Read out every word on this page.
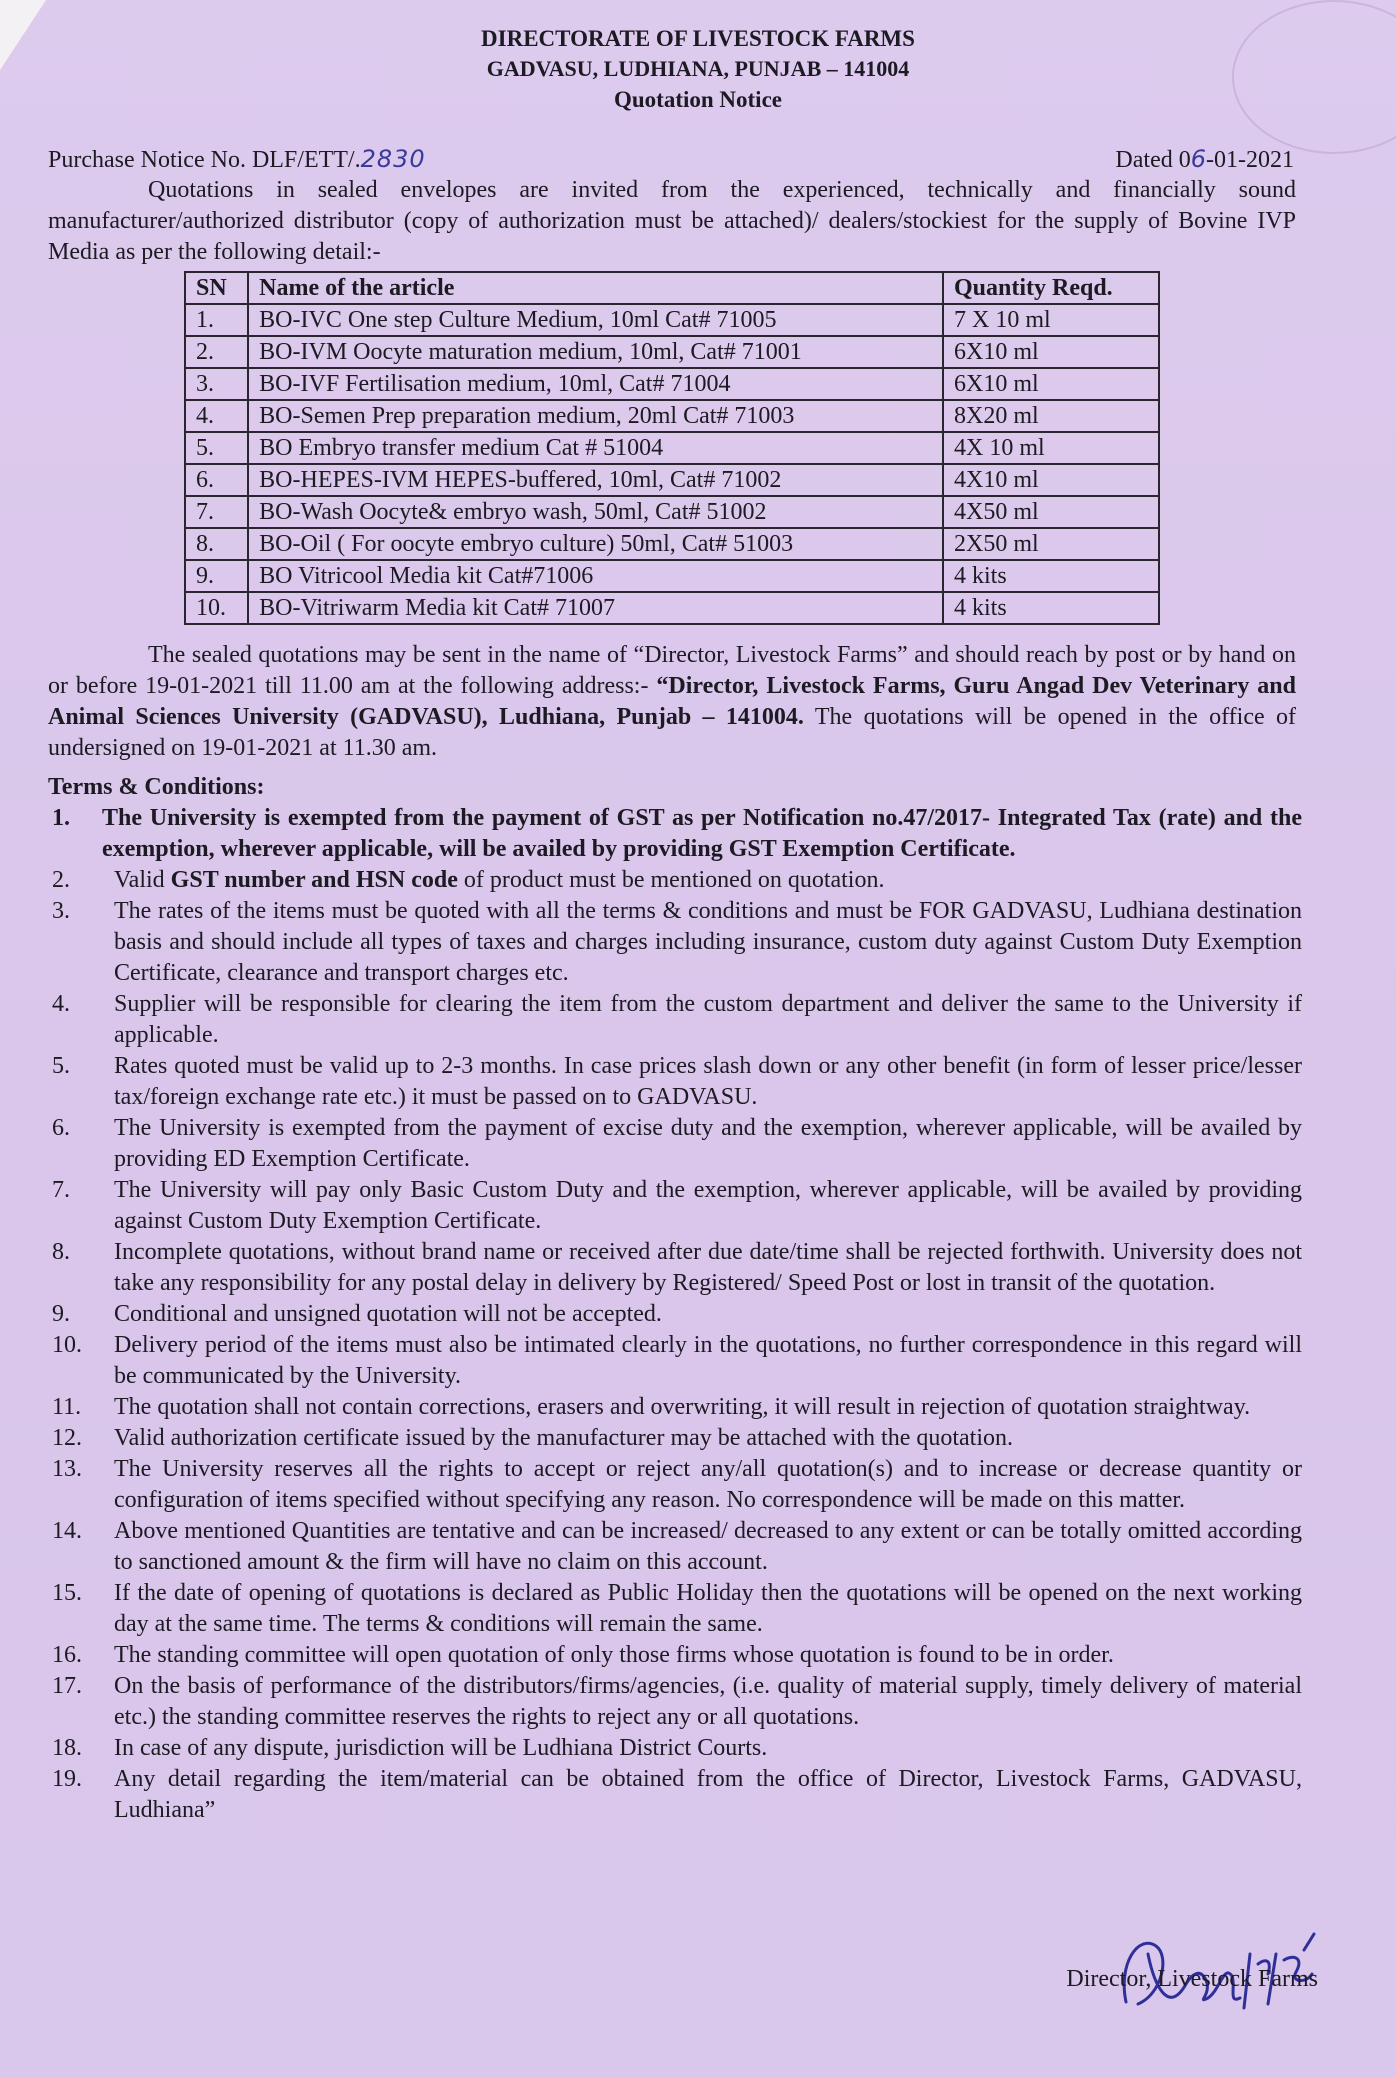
DIRECTORATE OF LIVESTOCK FARMS
GADVASU, LUDHIANA, PUNJAB – 141004
Quotation Notice
Purchase Notice No. DLF/ETT/.2830	Dated 06-01-2021
Quotations in sealed envelopes are invited from the experienced, technically and financially sound manufacturer/authorized distributor (copy of authorization must be attached)/ dealers/stockiest for the supply of Bovine IVP Media as per the following detail:-
SN	Name of the article	Quantity Reqd.
1.	BO-IVC One step Culture Medium, 10ml Cat# 71005	7 X 10 ml
2.	BO-IVM Oocyte maturation medium, 10ml, Cat# 71001	6X10 ml
3.	BO-IVF Fertilisation medium, 10ml, Cat# 71004	6X10 ml
4.	BO-Semen Prep preparation medium, 20ml Cat# 71003	8X20 ml
5.	BO Embryo transfer medium Cat # 51004	4X 10 ml
6.	BO-HEPES-IVM HEPES-buffered, 10ml, Cat# 71002	4X10 ml
7.	BO-Wash Oocyte& embryo wash, 50ml, Cat# 51002	4X50 ml
8.	BO-Oil ( For oocyte embryo culture) 50ml, Cat# 51003	2X50 ml
9.	BO Vitricool Media kit Cat#71006	4 kits
10.	BO-Vitriwarm Media kit Cat# 71007	4 kits
The sealed quotations may be sent in the name of “Director, Livestock Farms” and should reach by post or by hand on or before 19-01-2021 till 11.00 am at the following address:- “Director, Livestock Farms, Guru Angad Dev Veterinary and Animal Sciences University (GADVASU), Ludhiana, Punjab – 141004. The quotations will be opened in the office of undersigned on 19-01-2021 at 11.30 am.
Terms & Conditions:
1. The University is exempted from the payment of GST as per Notification no.47/2017- Integrated Tax (rate) and the exemption, wherever applicable, will be availed by providing GST Exemption Certificate.
2. Valid GST number and HSN code of product must be mentioned on quotation.
3. The rates of the items must be quoted with all the terms & conditions and must be FOR GADVASU, Ludhiana destination basis and should include all types of taxes and charges including insurance, custom duty against Custom Duty Exemption Certificate, clearance and transport charges etc.
4. Supplier will be responsible for clearing the item from the custom department and deliver the same to the University if applicable.
5. Rates quoted must be valid up to 2-3 months. In case prices slash down or any other benefit (in form of lesser price/lesser tax/foreign exchange rate etc.) it must be passed on to GADVASU.
6. The University is exempted from the payment of excise duty and the exemption, wherever applicable, will be availed by providing ED Exemption Certificate.
7. The University will pay only Basic Custom Duty and the exemption, wherever applicable, will be availed by providing against Custom Duty Exemption Certificate.
8. Incomplete quotations, without brand name or received after due date/time shall be rejected forthwith. University does not take any responsibility for any postal delay in delivery by Registered/ Speed Post or lost in transit of the quotation.
9. Conditional and unsigned quotation will not be accepted.
10. Delivery period of the items must also be intimated clearly in the quotations, no further correspondence in this regard will be communicated by the University.
11. The quotation shall not contain corrections, erasers and overwriting, it will result in rejection of quotation straightway.
12. Valid authorization certificate issued by the manufacturer may be attached with the quotation.
13. The University reserves all the rights to accept or reject any/all quotation(s) and to increase or decrease quantity or configuration of items specified without specifying any reason. No correspondence will be made on this matter.
14. Above mentioned Quantities are tentative and can be increased/ decreased to any extent or can be totally omitted according to sanctioned amount & the firm will have no claim on this account.
15. If the date of opening of quotations is declared as Public Holiday then the quotations will be opened on the next working day at the same time. The terms & conditions will remain the same.
16. The standing committee will open quotation of only those firms whose quotation is found to be in order.
17. On the basis of performance of the distributors/firms/agencies, (i.e. quality of material supply, timely delivery of material etc.) the standing committee reserves the rights to reject any or all quotations.
18. In case of any dispute, jurisdiction will be Ludhiana District Courts.
19. Any detail regarding the item/material can be obtained from the office of Director, Livestock Farms, GADVASU, Ludhiana”
Director, Livestock Farms
